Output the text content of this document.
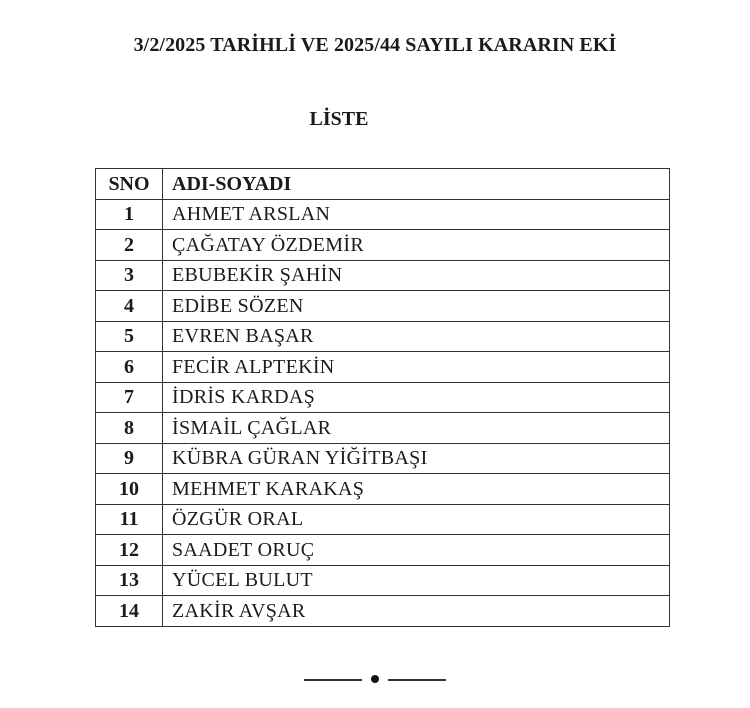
3/2/2025 TARİHLİ VE 2025/44 SAYILI KARARIN EKİ
LİSTE
SNO	ADI-SOYADI
1	AHMET ARSLAN
2	ÇAĞATAY ÖZDEMİR
3	EBUBEKİR ŞAHİN
4	EDİBE SÖZEN
5	EVREN BAŞAR
6	FECİR ALPTEKİN
7	İDRİS KARDAŞ
8	İSMAİL ÇAĞLAR
9	KÜBRA GÜRAN YİĞİTBAŞI
10	MEHMET KARAKAŞ
11	ÖZGÜR ORAL
12	SAADET ORUÇ
13	YÜCEL BULUT
14	ZAKİR AVŞAR
